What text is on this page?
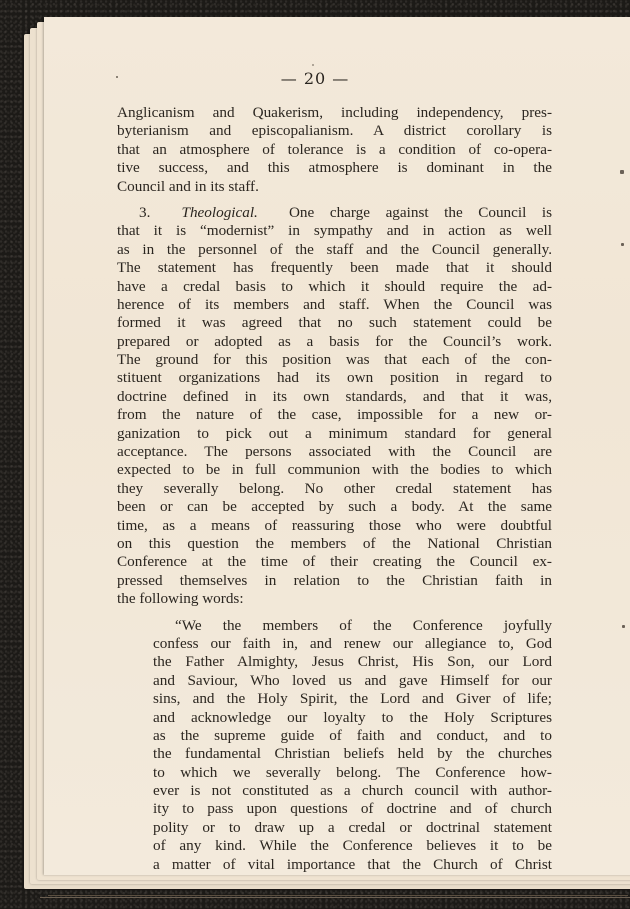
— 20 —
Anglicanism and Quakerism, including independency, pres-
byterianism and episcopalianism. A district corollary is
that an atmosphere of tolerance is a condition of co-opera-
tive success, and this atmosphere is dominant in the
Council and in its staff.
3. Theological. One charge against the Council is
that it is “modernist” in sympathy and in action as well
as in the personnel of the staff and the Council generally.
The statement has frequently been made that it should
have a credal basis to which it should require the ad-
herence of its members and staff. When the Council was
formed it was agreed that no such statement could be
prepared or adopted as a basis for the Council’s work.
The ground for this position was that each of the con-
stituent organizations had its own position in regard to
doctrine defined in its own standards, and that it was,
from the nature of the case, impossible for a new or-
ganization to pick out a minimum standard for general
acceptance. The persons associated with the Council are
expected to be in full communion with the bodies to which
they severally belong. No other credal statement has
been or can be accepted by such a body. At the same
time, as a means of reassuring those who were doubtful
on this question the members of the National Christian
Conference at the time of their creating the Council ex-
pressed themselves in relation to the Christian faith in
the following words:
“We the members of the Conference joyfully
confess our faith in, and renew our allegiance to, God
the Father Almighty, Jesus Christ, His Son, our Lord
and Saviour, Who loved us and gave Himself for our
sins, and the Holy Spirit, the Lord and Giver of life;
and acknowledge our loyalty to the Holy Scriptures
as the supreme guide of faith and conduct, and to
the fundamental Christian beliefs held by the churches
to which we severally belong. The Conference how-
ever is not constituted as a church council with author-
ity to pass upon questions of doctrine and of church
polity or to draw up a credal or doctrinal statement
of any kind. While the Conference believes it to be
a matter of vital importance that the Church of Christ
